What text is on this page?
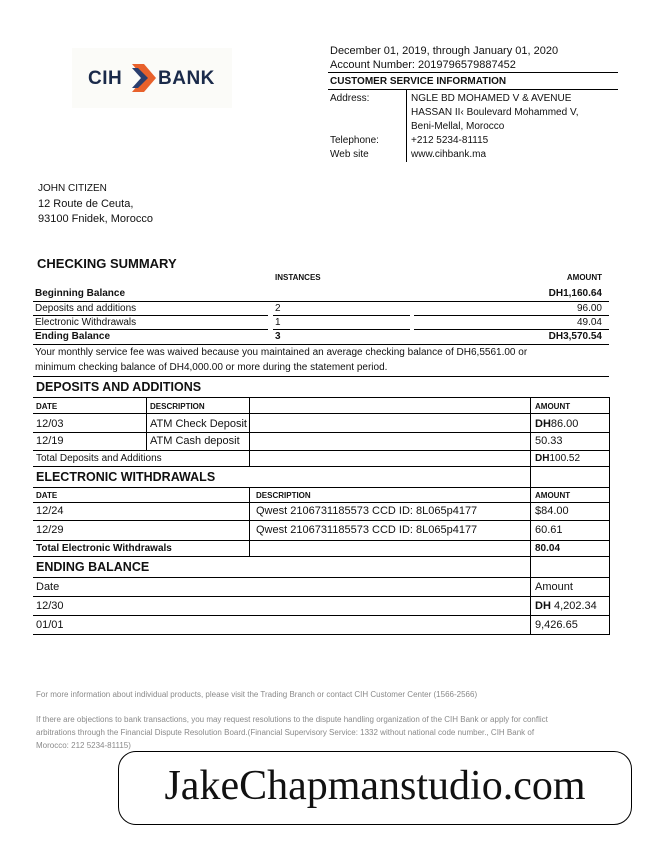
CIH BANK
December 01, 2019, through January 01, 2020
Account Number: 2019796579887452
CUSTOMER SERVICE INFORMATION
Address:	NGLE BD MOHAMED V & AVENUE
HASSAN II‹ Boulevard Mohammed V,
Beni-Mellal, Morocco
Telephone:	+212 5234-81115
Web site	www.cihbank.ma
JOHN CITIZEN
12 Route de Ceuta,
93100 Fnidek, Morocco
CHECKING SUMMARY
INSTANCES	AMOUNT
Beginning Balance	DH1,160.64
Deposits and additions	2	96.00
Electronic Withdrawals	1	49.04
Ending Balance	3	DH3,570.54
Your monthly service fee was waived because you maintained an average checking balance of DH6,5561.00 or
minimum checking balance of DH4,000.00 or more during the statement period.
DEPOSITS AND ADDITIONS
DATE	DESCRIPTION	AMOUNT
12/03	ATM Check Deposit	DH86.00
12/19	ATM Cash deposit	50.33
Total Deposits and Additions	DH100.52
ELECTRONIC WITHDRAWALS
DATE	DESCRIPTION	AMOUNT
12/24	Qwest 2106731185573 CCD ID: 8L065p4177	$84.00
12/29	Qwest 2106731185573 CCD ID: 8L065p4177	60.61
Total Electronic Withdrawals	80.04
ENDING BALANCE
Date	Amount
12/30	DH 4,202.34
01/01	9,426.65
For more information about individual products, please visit the Trading Branch or contact CIH Customer Center (1566-2566)
If there are objections to bank transactions, you may request resolutions to the dispute handling organization of the CIH Bank or apply for conflict
arbitrations through the Financial Dispute Resolution Board.(Financial Supervisory Service: 1332 without national code number., CIH Bank of
Morocco: 212 5234-81115)
JakeChapmanstudio.com
